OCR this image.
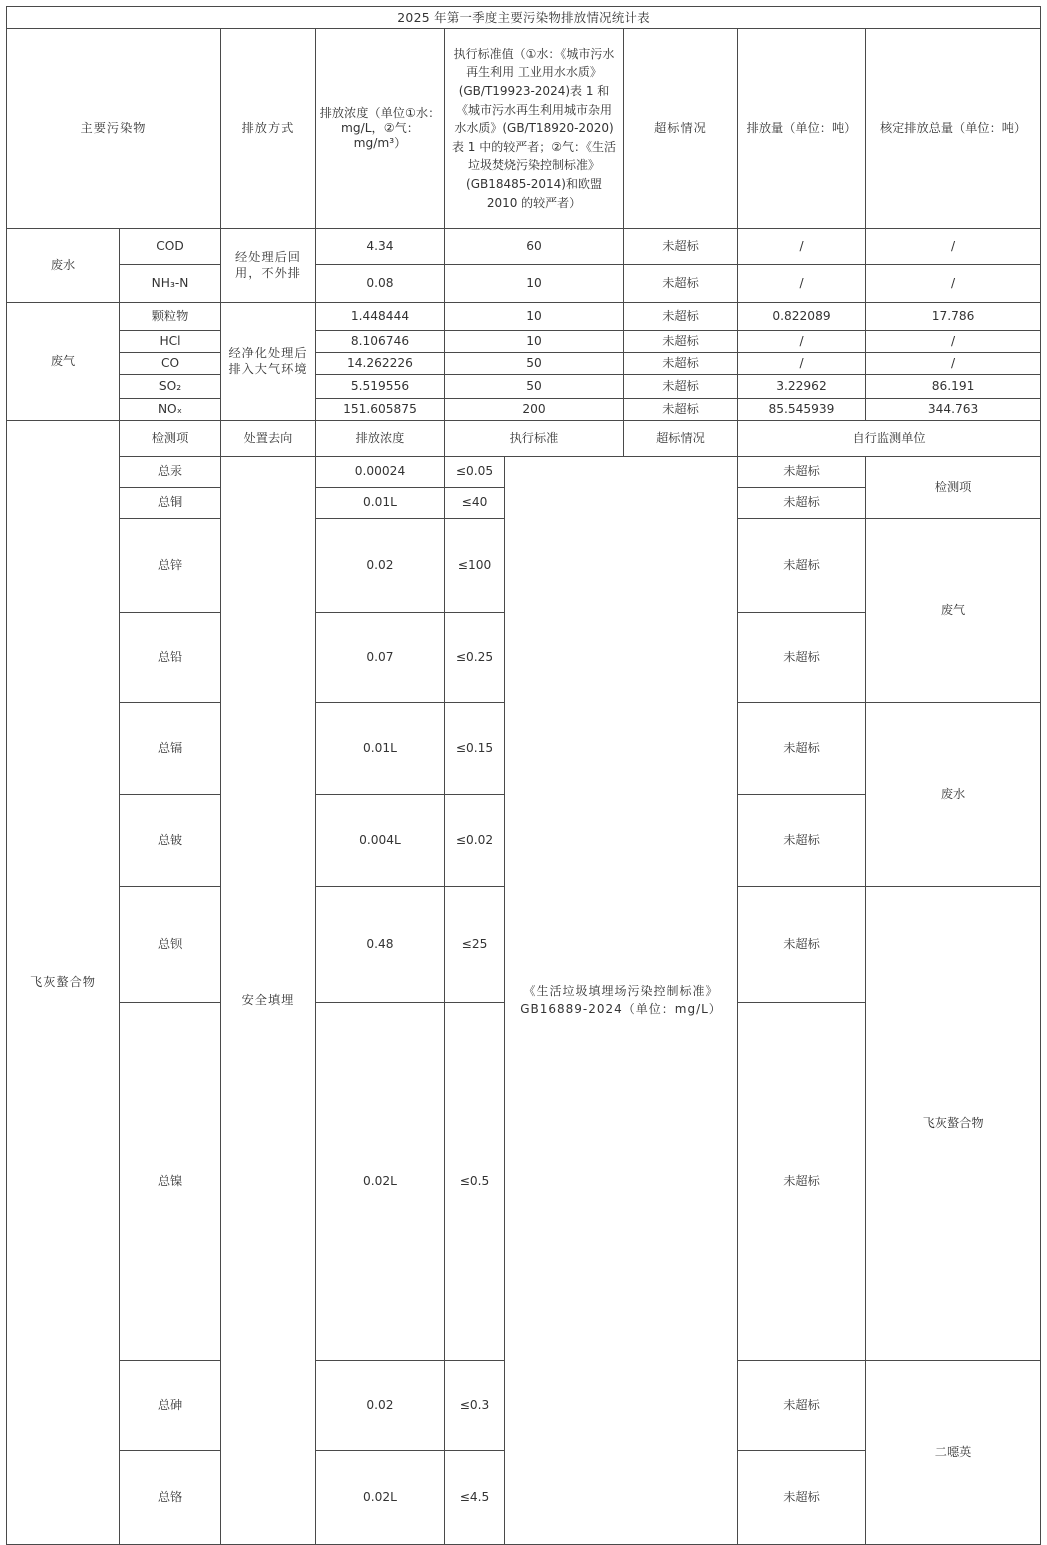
2025 年第一季度主要污染物排放情况统计表									
主要污染物		排放方式	排放浓度（单位①水：mg/L，②气：mg/m³）	执行标准值（①水：《城市污水再生利用 工业用水水质》(GB/T19923-2024)表 1 和《城市污水再生利用城市杂用水水质》(GB/T18920-2020)表 1 中的较严者；②气：《生活垃圾焚烧污染控制标准》(GB18485-2014)和欧盟 2010 的较严者）		超标情况	排放量（单位：吨）	核定排放总量（单位：吨）	
废水	COD	经处理后回用，不外排	4.34	60		未超标	/	/	
	NH₃-N		0.08	10		未超标	/	/	
废气	颗粒物	经净化处理后排入大气环境	1.448444	10		未超标	0.822089	17.786	
	HCl		8.106746	10		未超标	/	/	
	CO		14.262226	50		未超标	/	/	
	SO₂		5.519556	50		未超标	3.22962	86.191	
	NOₓ		151.605875	200		未超标	85.545939	344.763	
飞灰螯合物	检测项	处置去向	排放浓度	执行标准		超标情况	自行监测单位		
	总汞	安全填埋	0.00024	≤0.05	《生活垃圾填埋场污染控制标准》GB16889-2024（单位：mg/L）		未超标	检测项	
	总铜		0.01L	≤40			未超标		
	总锌		0.02	≤100			未超标	废气	
	总铅		0.07	≤0.25			未超标		
	总镉		0.01L	≤0.15			未超标	废水	
	总铍		0.004L	≤0.02			未超标		
	总钡		0.48	≤25			未超标	飞灰螯合物	
	总镍		0.02L	≤0.5			未超标		
	总砷		0.02	≤0.3			未超标	二噁英	
	总铬		0.02L	≤4.5			未超标		
